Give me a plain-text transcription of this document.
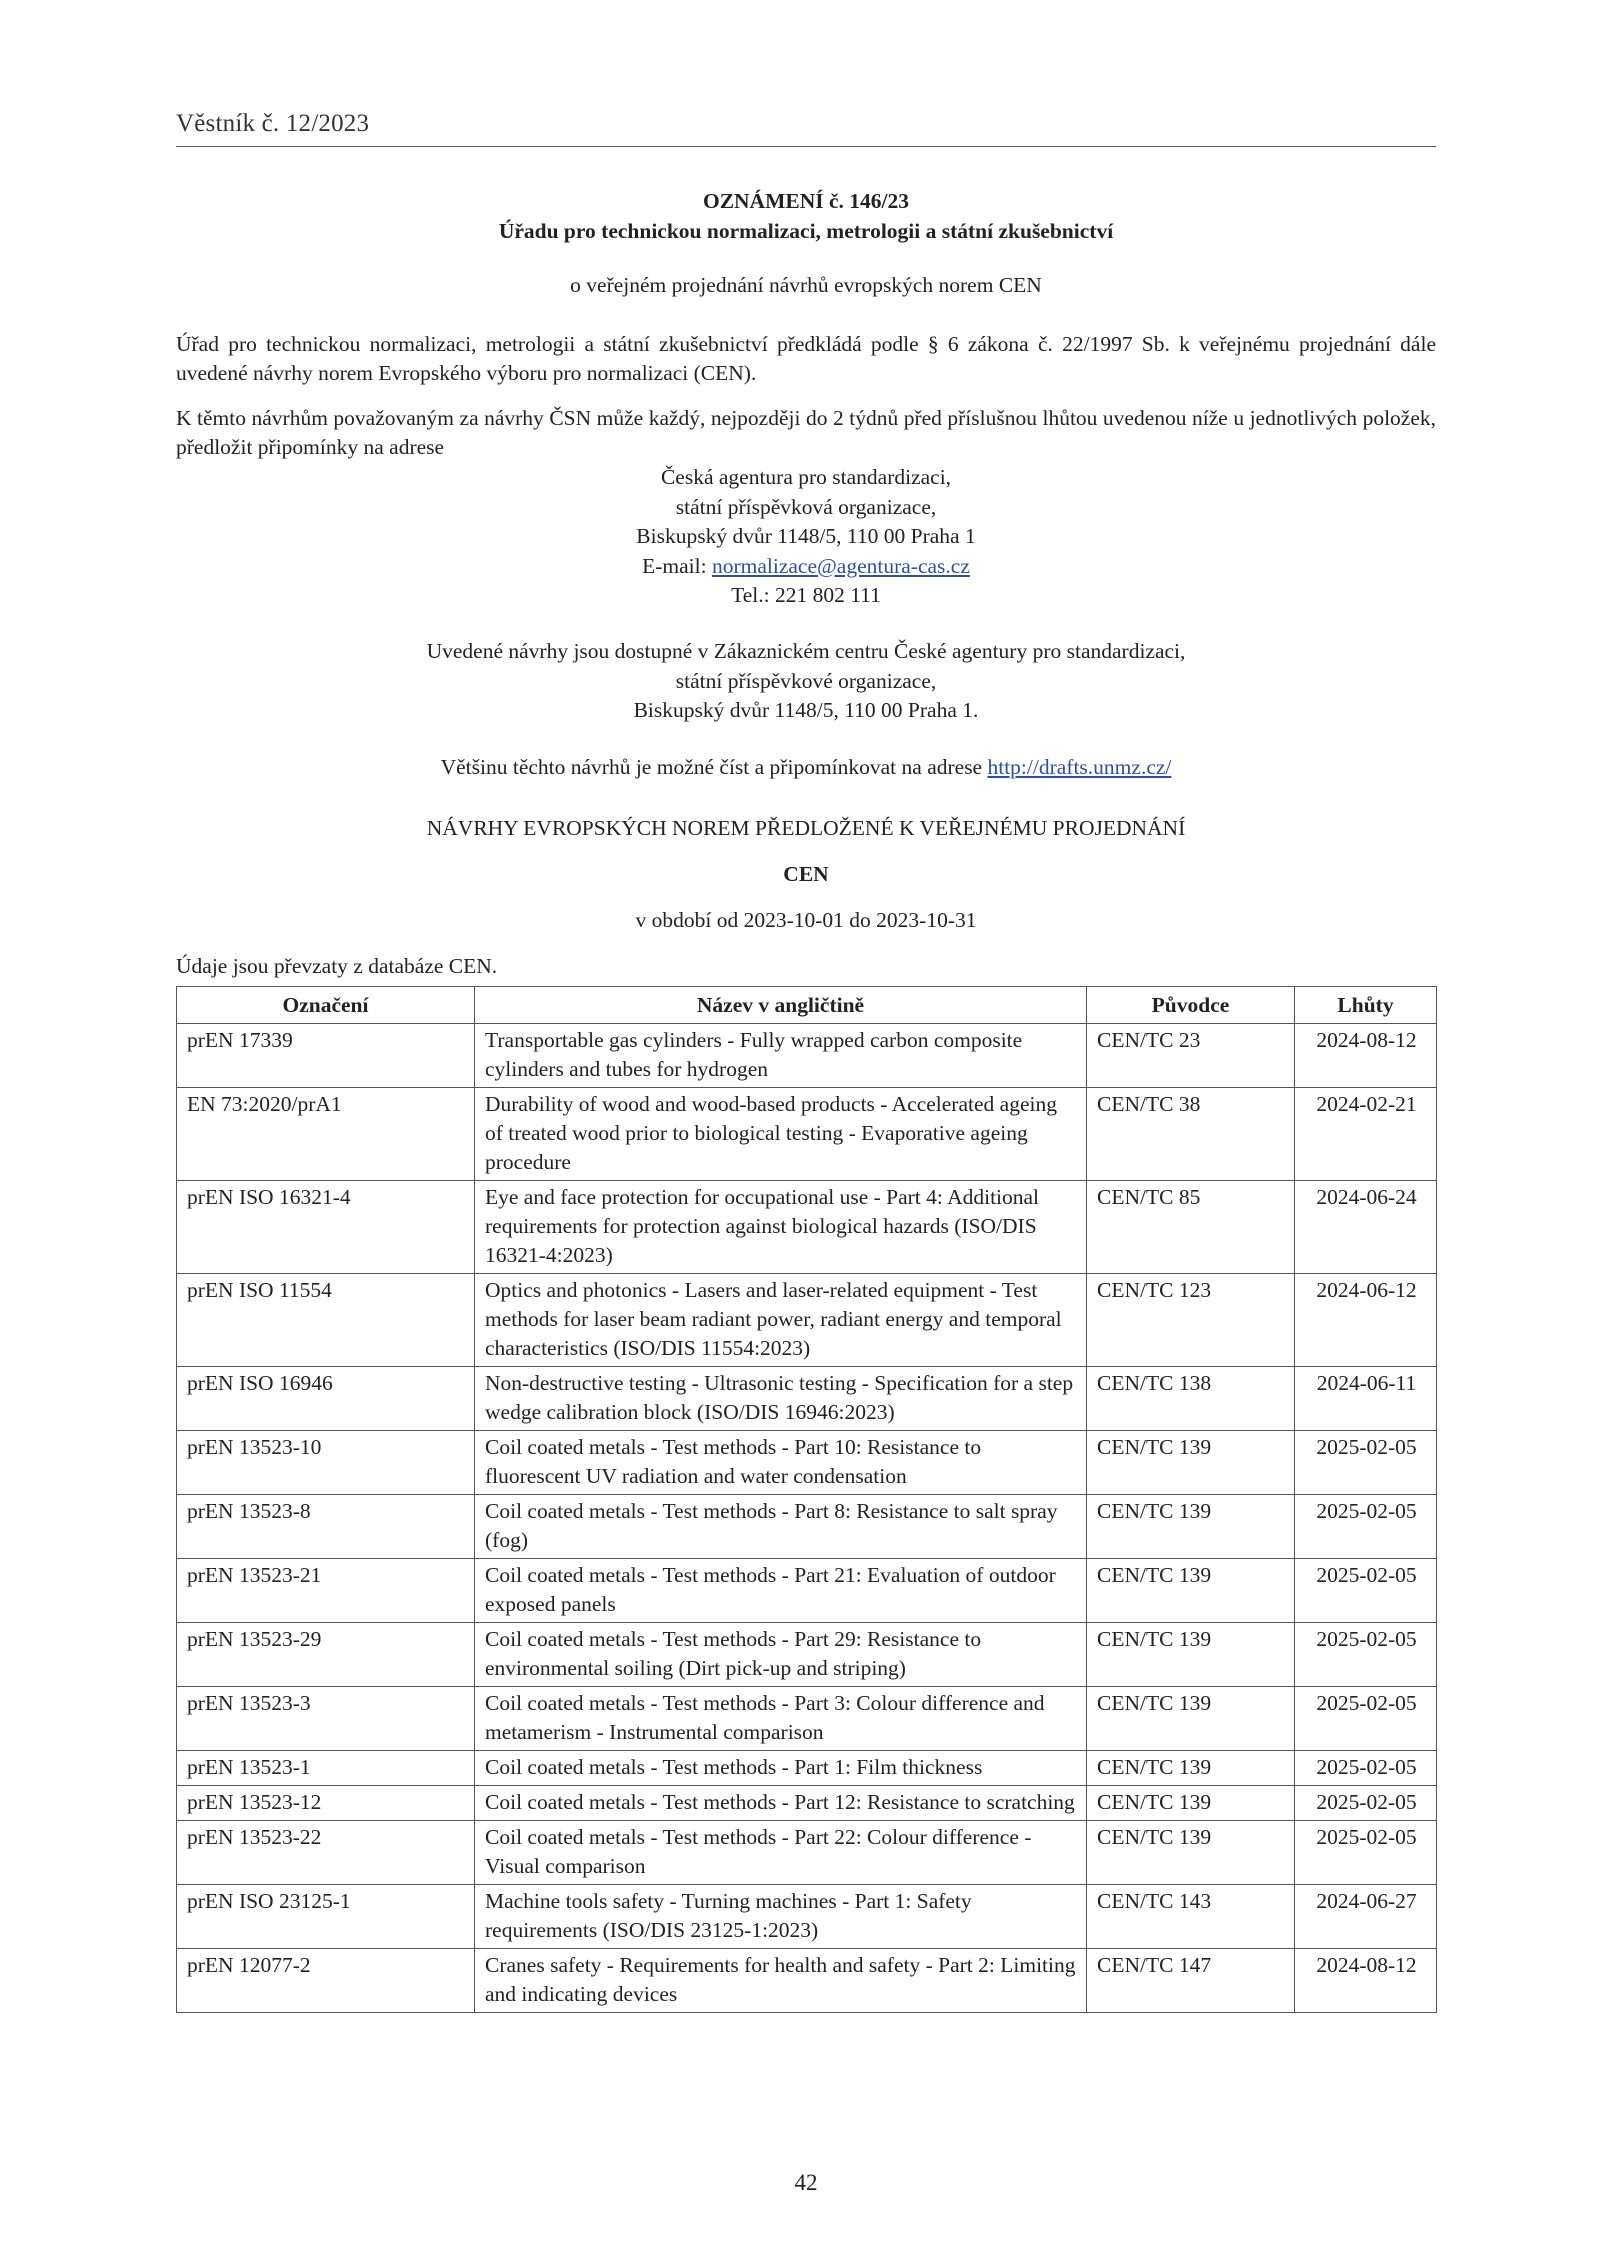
Věstník č. 12/2023
OZNÁMENÍ č. 146/23
Úřadu pro technickou normalizaci, metrologii a státní zkušebnictví
o veřejném projednání návrhů evropských norem CEN
Úřad pro technickou normalizaci, metrologii a státní zkušebnictví předkládá podle § 6 zákona č. 22/1997 Sb. k veřejnému projednání dále uvedené návrhy norem Evropského výboru pro normalizaci (CEN).
K těmto návrhům považovaným za návrhy ČSN může každý, nejpozději do 2 týdnů před příslušnou lhůtou uvedenou níže u jednotlivých položek, předložit připomínky na adrese
Česká agentura pro standardizaci,
státní příspěvková organizace,
Biskupský dvůr 1148/5, 110 00 Praha 1
E-mail: normalizace@agentura-cas.cz
Tel.: 221 802 111
Uvedené návrhy jsou dostupné v Zákaznickém centru České agentury pro standardizaci,
státní příspěvkové organizace,
Biskupský dvůr 1148/5, 110 00 Praha 1.
Většinu těchto návrhů je možné číst a připomínkovat na adrese http://drafts.unmz.cz/
NÁVRHY EVROPSKÝCH NOREM PŘEDLOŽENÉ K VEŘEJNÉMU PROJEDNÁNÍ
CEN
v období od 2023-10-01 do 2023-10-31
Údaje jsou převzaty z databáze CEN.
Označení	Název v angličtině	Původce	Lhůty
prEN 17339	Transportable gas cylinders - Fully wrapped carbon composite cylinders and tubes for hydrogen	CEN/TC 23	2024-08-12
EN 73:2020/prA1	Durability of wood and wood-based products - Accelerated ageing of treated wood prior to biological testing - Evaporative ageing procedure	CEN/TC 38	2024-02-21
prEN ISO 16321-4	Eye and face protection for occupational use - Part 4: Additional requirements for protection against biological hazards (ISO/DIS 16321-4:2023)	CEN/TC 85	2024-06-24
prEN ISO 11554	Optics and photonics - Lasers and laser-related equipment - Test methods for laser beam radiant power, radiant energy and temporal characteristics (ISO/DIS 11554:2023)	CEN/TC 123	2024-06-12
prEN ISO 16946	Non-destructive testing - Ultrasonic testing - Specification for a step wedge calibration block (ISO/DIS 16946:2023)	CEN/TC 138	2024-06-11
prEN 13523-10	Coil coated metals - Test methods - Part 10: Resistance to fluorescent UV radiation and water condensation	CEN/TC 139	2025-02-05
prEN 13523-8	Coil coated metals - Test methods - Part 8: Resistance to salt spray (fog)	CEN/TC 139	2025-02-05
prEN 13523-21	Coil coated metals - Test methods - Part 21: Evaluation of outdoor exposed panels	CEN/TC 139	2025-02-05
prEN 13523-29	Coil coated metals - Test methods - Part 29: Resistance to environmental soiling (Dirt pick-up and striping)	CEN/TC 139	2025-02-05
prEN 13523-3	Coil coated metals - Test methods - Part 3: Colour difference and metamerism - Instrumental comparison	CEN/TC 139	2025-02-05
prEN 13523-1	Coil coated metals - Test methods - Part 1: Film thickness	CEN/TC 139	2025-02-05
prEN 13523-12	Coil coated metals - Test methods - Part 12: Resistance to scratching	CEN/TC 139	2025-02-05
prEN 13523-22	Coil coated metals - Test methods - Part 22: Colour difference - Visual comparison	CEN/TC 139	2025-02-05
prEN ISO 23125-1	Machine tools safety - Turning machines - Part 1: Safety requirements (ISO/DIS 23125-1:2023)	CEN/TC 143	2024-06-27
prEN 12077-2	Cranes safety - Requirements for health and safety - Part 2: Limiting and indicating devices	CEN/TC 147	2024-08-12
42
